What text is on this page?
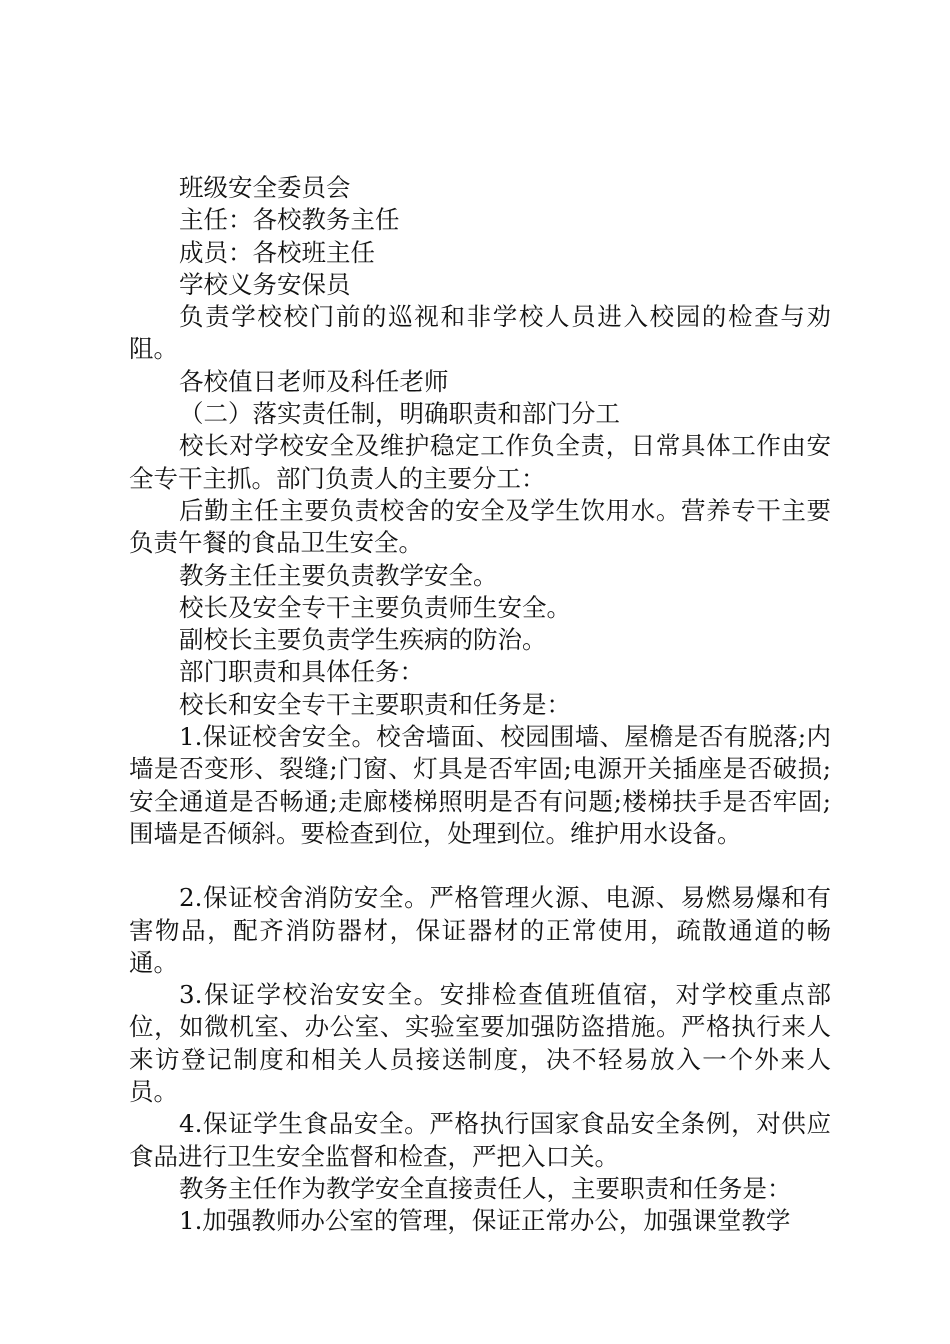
班级安全委员会

主任：各校教务主任

成员：各校班主任

学校义务安保员

负责学校校门前的巡视和非学校人员进入校园的检查与劝阻。

各校值日老师及科任老师

（二）落实责任制，明确职责和部门分工

校长对学校安全及维护稳定工作负全责，日常具体工作由安全专干主抓。部门负责人的主要分工：

后勤主任主要负责校舍的安全及学生饮用水。营养专干主要负责午餐的食品卫生安全。

教务主任主要负责教学安全。

校长及安全专干主要负责师生安全。

副校长主要负责学生疾病的防治。

部门职责和具体任务：

校长和安全专干主要职责和任务是：

1.保证校舍安全。校舍墙面、校园围墙、屋檐是否有脱落;内墙是否变形、裂缝;门窗、灯具是否牢固;电源开关插座是否破损;安全通道是否畅通;走廊楼梯照明是否有问题;楼梯扶手是否牢固;围墙是否倾斜。要检查到位，处理到位。维护用水设备。

2.保证校舍消防安全。严格管理火源、电源、易燃易爆和有害物品，配齐消防器材，保证器材的正常使用，疏散通道的畅通。

3.保证学校治安安全。安排检查值班值宿，对学校重点部位，如微机室、办公室、实验室要加强防盗措施。严格执行来人来访登记制度和相关人员接送制度，决不轻易放入一个外来人员。

4.保证学生食品安全。严格执行国家食品安全条例，对供应食品进行卫生安全监督和检查，严把入口关。

教务主任作为教学安全直接责任人，主要职责和任务是：

1.加强教师办公室的管理，保证正常办公，加强课堂教学
